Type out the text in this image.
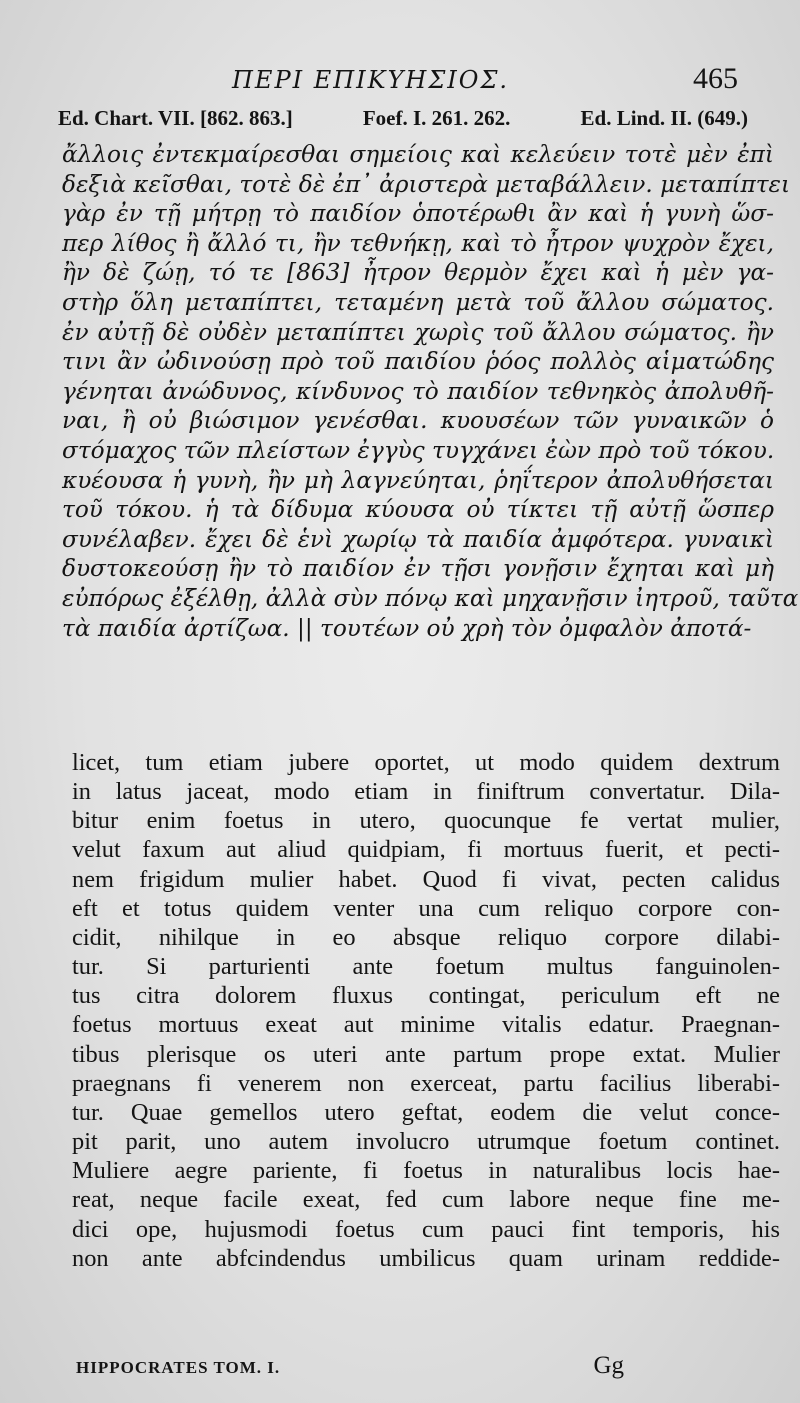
ΠΕΡΙ ΕΠΙΚΥΗΣΙΟΣ.	465
Ed. Chart. VII. [862. 863.]	Foef. I. 261. 262.	Ed. Lind. II. (649.)
ἄλλοις ἐντεκμαίρεσθαι σημείοις καὶ κελεύειν τοτὲ μὲν ἐπὶ
δεξιὰ κεῖσθαι, τοτὲ δὲ ἐπ᾽ ἀριστερὰ μεταβάλλειν. μεταπίπτει
γὰρ ἐν τῇ μήτρῃ τὸ παιδίον ὁποτέρωθι ἂν καὶ ἡ γυνὴ ὥσ-
περ λίθος ἢ ἄλλό τι, ἢν τεθνήκῃ, καὶ τὸ ἦτρον ψυχρὸν ἔχει,
ἢν δὲ ζώῃ, τό τε [863] ἦτρον θερμὸν ἔχει καὶ ἡ μὲν γα-
στὴρ ὅλη μεταπίπτει, τεταμένη μετὰ τοῦ ἄλλου σώματος.
ἐν αὐτῇ δὲ οὐδὲν μεταπίπτει χωρὶς τοῦ ἄλλου σώματος. ἢν
τινι ἂν ὠδινούσῃ πρὸ τοῦ παιδίου ῥόος πολλὸς αἱματώδης
γένηται ἀνώδυνος, κίνδυνος τὸ παιδίον τεθνηκὸς ἀπολυθῆ-
ναι, ἢ οὐ βιώσιμον γενέσθαι. κυουσέων τῶν γυναικῶν ὁ
στόμαχος τῶν πλείστων ἐγγὺς τυγχάνει ἐὼν πρὸ τοῦ τόκου.
κυέουσα ἡ γυνὴ, ἢν μὴ λαγνεύηται, ῥηΐτερον ἀπολυθήσεται
τοῦ τόκου. ἡ τὰ δίδυμα κύουσα οὐ τίκτει τῇ αὐτῇ ὥσπερ
συνέλαβεν. ἔχει δὲ ἑνὶ χωρίῳ τὰ παιδία ἀμφότερα. γυναικὶ
δυστοκεούσῃ ἢν τὸ παιδίον ἐν τῇσι γονῇσιν ἔχηται καὶ μὴ
εὐπόρως ἐξέλθῃ, ἀλλὰ σὺν πόνῳ καὶ μηχανῇσιν ἰητροῦ, ταῦτα
τὰ παιδία ἀρτίζωα. || τουτέων οὐ χρὴ τὸν ὀμφαλὸν ἀποτά-
licet, tum etiam jubere oportet, ut modo quidem dextrum
in latus jaceat, modo etiam in finiftrum convertatur. Dila-
bitur enim foetus in utero, quocunque fe vertat mulier,
velut faxum aut aliud quidpiam, fi mortuus fuerit, et pecti-
nem frigidum mulier habet. Quod fi vivat, pecten calidus
eft et totus quidem venter una cum reliquo corpore con-
cidit, nihilque in eo absque reliquo corpore dilabi-
tur. Si parturienti ante foetum multus fanguinolen-
tus citra dolorem fluxus contingat, periculum eft ne
foetus mortuus exeat aut minime vitalis edatur. Praegnan-
tibus plerisque os uteri ante partum prope extat. Mulier
praegnans fi venerem non exerceat, partu facilius liberabi-
tur. Quae gemellos utero geftat, eodem die velut conce-
pit parit, uno autem involucro utrumque foetum continet.
Muliere aegre pariente, fi foetus in naturalibus locis hae-
reat, neque facile exeat, fed cum labore neque fine me-
dici ope, hujusmodi foetus cum pauci fint temporis, his
non ante abfcindendus umbilicus quam urinam reddide-
HIPPOCRATES TOM. I.	Gg
